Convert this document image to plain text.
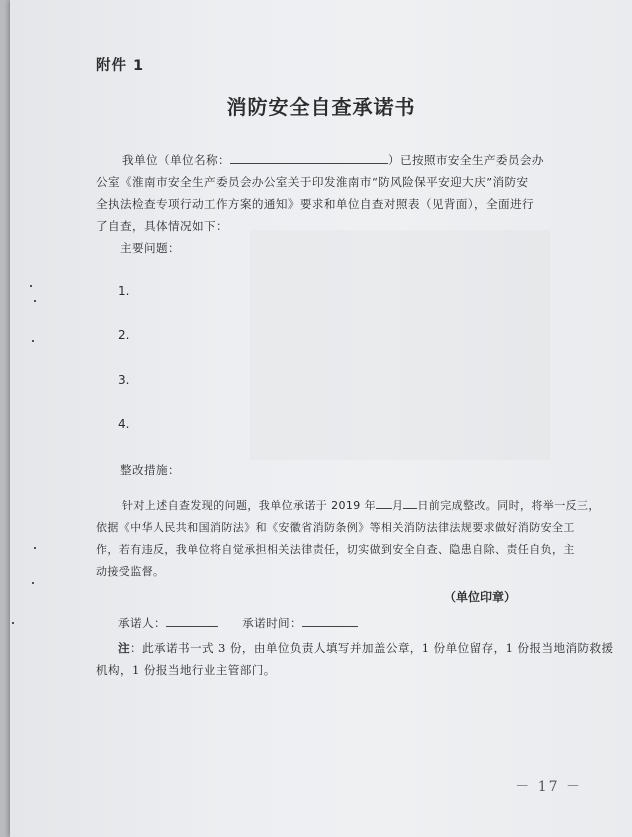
附件 1
消防安全自查承诺书
我单位（单位名称：	）已按照市安全生产委员会办
公室《淮南市安全生产委员会办公室关于印发淮南市“防风险保平安迎大庆”消防安
全执法检查专项行动工作方案的通知》要求和单位自查对照表（见背面），全面进行
了自查，具体情况如下：
主要问题：
1.
2.
3.
4.
整改措施：
针对上述自查发现的问题，我单位承诺于 2019 年 月 日前完成整改。同时，将举一反三，
依据《中华人民共和国消防法》和《安徽省消防条例》等相关消防法律法规要求做好消防安全工
作，若有违反，我单位将自觉承担相关法律责任，切实做到安全自查、隐患自除、责任自负，主
动接受监督。
（单位印章）
承诺人：	承诺时间：
注：此承诺书一式 3 份，由单位负责人填写并加盖公章，1 份单位留存，1 份报当地消防救援
机构，1 份报当地行业主管部门。
－ 17 －
